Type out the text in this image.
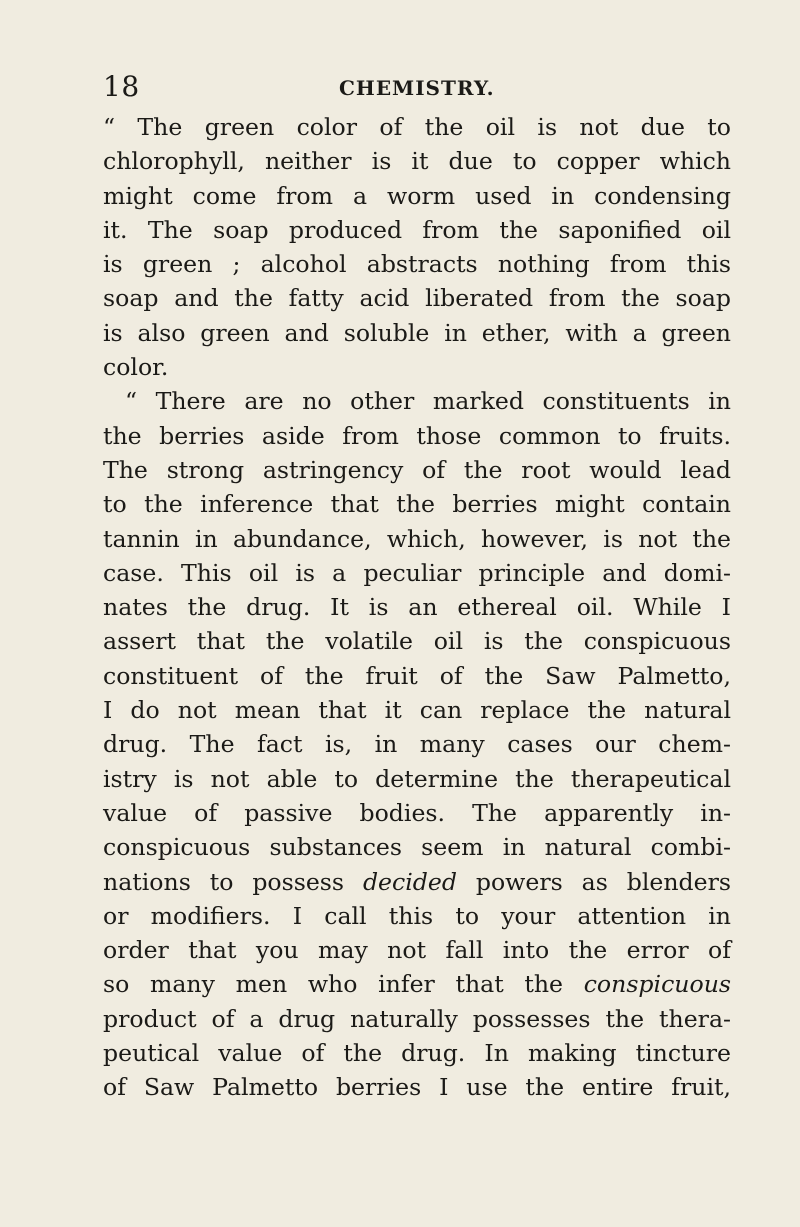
18	CHEMISTRY.
“ The green color of the oil is not due to
chlorophyll, neither is it due to copper which
might come from a worm used in condensing
it. The soap produced from the saponified oil
is green ; alcohol abstracts nothing from this
soap and the fatty acid liberated from the soap
is also green and soluble in ether, with a green
color.
“ There are no other marked constituents in
the berries aside from those common to fruits.
The strong astringency of the root would lead
to the inference that the berries might contain
tannin in abundance, which, however, is not the
case. This oil is a peculiar principle and domi-
nates the drug. It is an ethereal oil. While I
assert that the volatile oil is the conspicuous
constituent of the fruit of the Saw Palmetto,
I do not mean that it can replace the natural
drug. The fact is, in many cases our chem-
istry is not able to determine the therapeutical
value of passive bodies. The apparently in-
conspicuous substances seem in natural combi-
nations to possess decided powers as blenders
or modifiers. I call this to your attention in
order that you may not fall into the error of
so many men who infer that the conspicuous
product of a drug naturally possesses the thera-
peutical value of the drug. In making tincture
of Saw Palmetto berries I use the entire fruit,
